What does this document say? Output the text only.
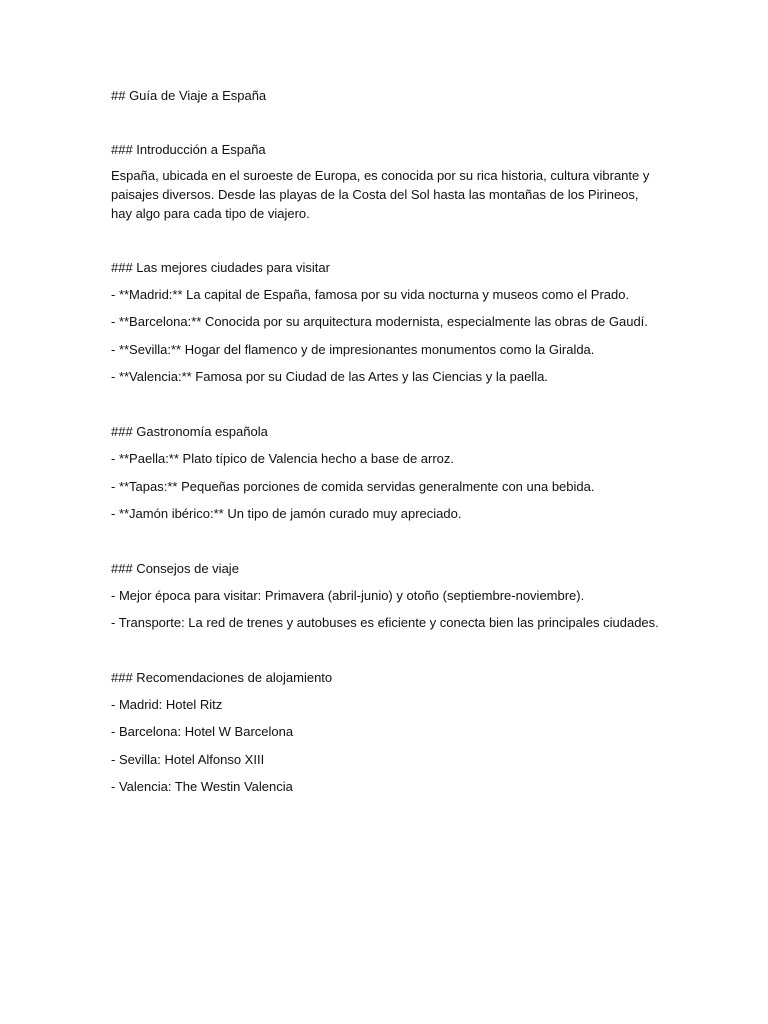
## Guía de Viaje a España
### Introducción a España
España, ubicada en el suroeste de Europa, es conocida por su rica historia, cultura vibrante y paisajes diversos. Desde las playas de la Costa del Sol hasta las montañas de los Pirineos, hay algo para cada tipo de viajero.
### Las mejores ciudades para visitar
- **Madrid:** La capital de España, famosa por su vida nocturna y museos como el Prado.
- **Barcelona:** Conocida por su arquitectura modernista, especialmente las obras de Gaudí.
- **Sevilla:** Hogar del flamenco y de impresionantes monumentos como la Giralda.
- **Valencia:** Famosa por su Ciudad de las Artes y las Ciencias y la paella.
### Gastronomía española
- **Paella:** Plato típico de Valencia hecho a base de arroz.
- **Tapas:** Pequeñas porciones de comida servidas generalmente con una bebida.
- **Jamón ibérico:** Un tipo de jamón curado muy apreciado.
### Consejos de viaje
- Mejor época para visitar: Primavera (abril-junio) y otoño (septiembre-noviembre).
- Transporte: La red de trenes y autobuses es eficiente y conecta bien las principales ciudades.
### Recomendaciones de alojamiento
- Madrid: Hotel Ritz
- Barcelona: Hotel W Barcelona
- Sevilla: Hotel Alfonso XIII
- Valencia: The Westin Valencia
